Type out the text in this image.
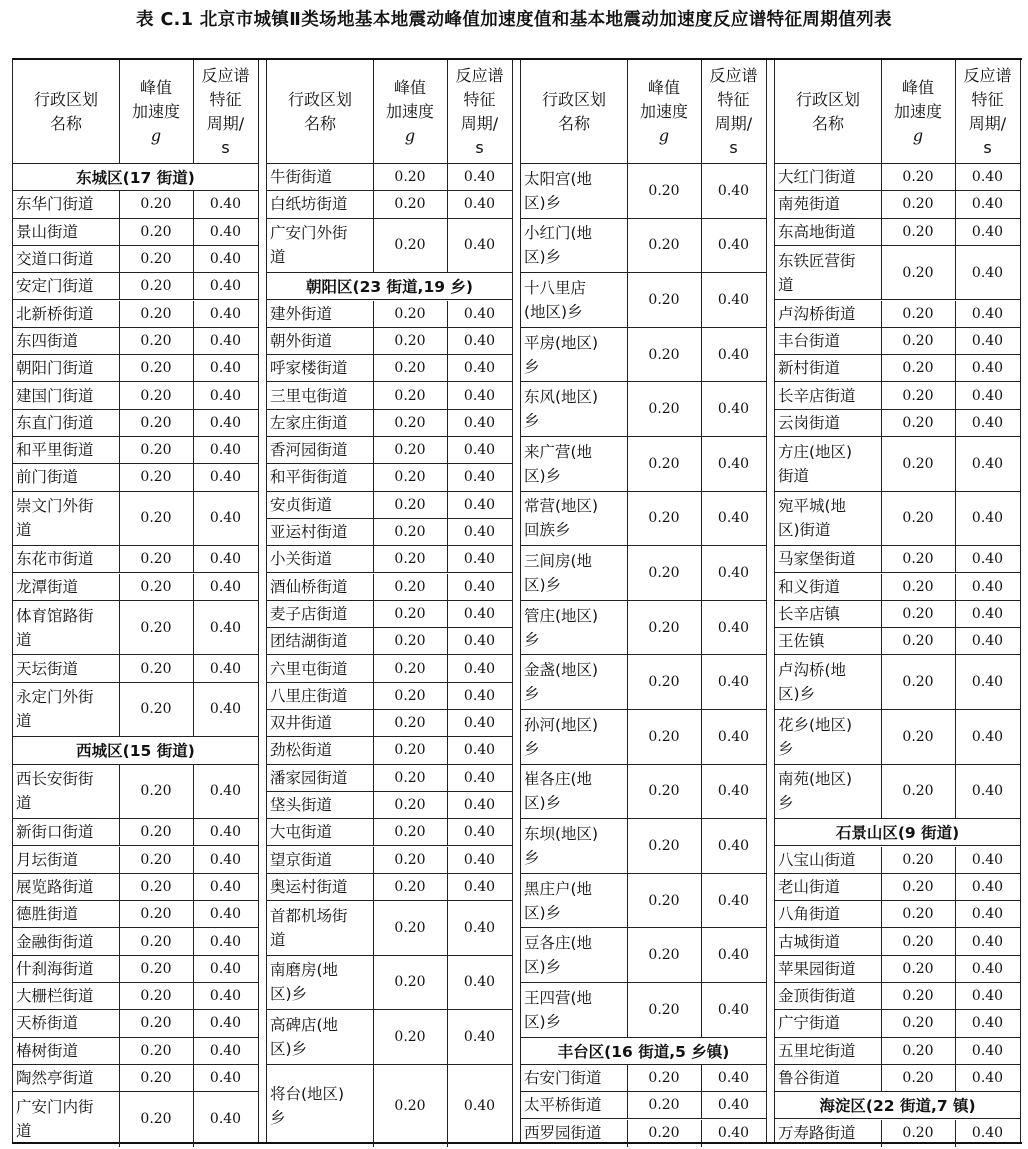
表 C.1 北京市城镇Ⅱ类场地基本地震动峰值加速度值和基本地震动加速度反应谱特征周期值列表
行政区划
名称
峰值
加速度
g
反应谱
特征
周期/
s
东城区(17 街道)
东华门街道	0.20	0.40
景山街道	0.20	0.40
交道口街道	0.20	0.40
安定门街道	0.20	0.40
北新桥街道	0.20	0.40
东四街道	0.20	0.40
朝阳门街道	0.20	0.40
建国门街道	0.20	0.40
东直门街道	0.20	0.40
和平里街道	0.20	0.40
前门街道	0.20	0.40
崇文门外街
道
0.20	0.40
东花市街道	0.20	0.40
龙潭街道	0.20	0.40
体育馆路街
道
0.20	0.40
天坛街道	0.20	0.40
永定门外街
道
0.20	0.40
西城区(15 街道)
西长安街街
道
0.20	0.40
新街口街道	0.20	0.40
月坛街道	0.20	0.40
展览路街道	0.20	0.40
德胜街道	0.20	0.40
金融街街道	0.20	0.40
什刹海街道	0.20	0.40
大栅栏街道	0.20	0.40
天桥街道	0.20	0.40
椿树街道	0.20	0.40
陶然亭街道	0.20	0.40
广安门内街
道
0.20	0.40
行政区划
名称
峰值
加速度
g
反应谱
特征
周期/
s
牛街街道	0.20	0.40
白纸坊街道	0.20	0.40
广安门外街
道
0.20	0.40
朝阳区(23 街道,19 乡)
建外街道	0.20	0.40
朝外街道	0.20	0.40
呼家楼街道	0.20	0.40
三里屯街道	0.20	0.40
左家庄街道	0.20	0.40
香河园街道	0.20	0.40
和平街街道	0.20	0.40
安贞街道	0.20	0.40
亚运村街道	0.20	0.40
小关街道	0.20	0.40
酒仙桥街道	0.20	0.40
麦子店街道	0.20	0.40
团结湖街道	0.20	0.40
六里屯街道	0.20	0.40
八里庄街道	0.20	0.40
双井街道	0.20	0.40
劲松街道	0.20	0.40
潘家园街道	0.20	0.40
垡头街道	0.20	0.40
大屯街道	0.20	0.40
望京街道	0.20	0.40
奥运村街道	0.20	0.40
首都机场街
道
0.20	0.40
南磨房(地
区)乡
0.20	0.40
高碑店(地
区)乡
0.20	0.40
将台(地区)
乡
0.20	0.40
行政区划
名称
峰值
加速度
g
反应谱
特征
周期/
s
太阳宫(地
区)乡
0.20	0.40
小红门(地
区)乡
0.20	0.40
十八里店
(地区)乡
0.20	0.40
平房(地区)
乡
0.20	0.40
东风(地区)
乡
0.20	0.40
来广营(地
区)乡
0.20	0.40
常营(地区)
回族乡
0.20	0.40
三间房(地
区)乡
0.20	0.40
管庄(地区)
乡
0.20	0.40
金盏(地区)
乡
0.20	0.40
孙河(地区)
乡
0.20	0.40
崔各庄(地
区)乡
0.20	0.40
东坝(地区)
乡
0.20	0.40
黑庄户(地
区)乡
0.20	0.40
豆各庄(地
区)乡
0.20	0.40
王四营(地
区)乡
0.20	0.40
丰台区(16 街道,5 乡镇)
右安门街道	0.20	0.40
太平桥街道	0.20	0.40
西罗园街道	0.20	0.40
行政区划
名称
峰值
加速度
g
反应谱
特征
周期/
s
大红门街道	0.20	0.40
南苑街道	0.20	0.40
东高地街道	0.20	0.40
东铁匠营街
道
0.20	0.40
卢沟桥街道	0.20	0.40
丰台街道	0.20	0.40
新村街道	0.20	0.40
长辛店街道	0.20	0.40
云岗街道	0.20	0.40
方庄(地区)
街道
0.20	0.40
宛平城(地
区)街道
0.20	0.40
马家堡街道	0.20	0.40
和义街道	0.20	0.40
长辛店镇	0.20	0.40
王佐镇	0.20	0.40
卢沟桥(地
区)乡
0.20	0.40
花乡(地区)
乡
0.20	0.40
南苑(地区)
乡
0.20	0.40
石景山区(9 街道)
八宝山街道	0.20	0.40
老山街道	0.20	0.40
八角街道	0.20	0.40
古城街道	0.20	0.40
苹果园街道	0.20	0.40
金顶街街道	0.20	0.40
广宁街道	0.20	0.40
五里坨街道	0.20	0.40
鲁谷街道	0.20	0.40
海淀区(22 街道,7 镇)
万寿路街道	0.20	0.40
